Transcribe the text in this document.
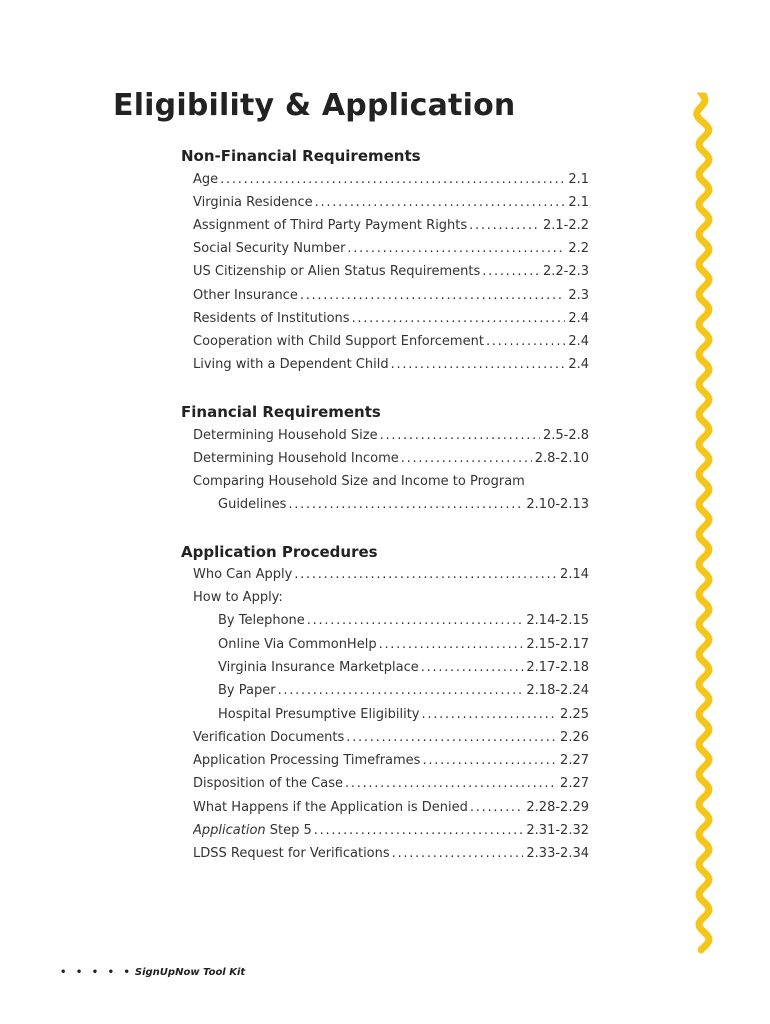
Eligibility & Application
Non-Financial Requirements
Age . . .	2.1
Virginia Residence . . .	2.1
Assignment of Third Party Payment Rights . . .	2.1-2.2
Social Security Number . . .	2.2
US Citizenship or Alien Status Requirements . . .	2.2-2.3
Other Insurance . . .	2.3
Residents of Institutions . . .	2.4
Cooperation with Child Support Enforcement . . .	2.4
Living with a Dependent Child . . .	2.4
Financial Requirements
Determining Household Size . . .	2.5-2.8
Determining Household Income . . .	2.8-2.10
Comparing Household Size and Income to Program
Guidelines . . .	2.10-2.13
Application Procedures
Who Can Apply . . .	2.14
How to Apply:
By Telephone . . .	2.14-2.15
Online Via CommonHelp . . .	2.15-2.17
Virginia Insurance Marketplace . . .	2.17-2.18
By Paper . . .	2.18-2.24
Hospital Presumptive Eligibility . . .	2.25
Verification Documents . . .	2.26
Application Processing Timeframes . . .	2.27
Disposition of the Case . . .	2.27
What Happens if the Application is Denied . . .	2.28-2.29
Application Step 5 . . .	2.31-2.32
LDSS Request for Verifications . . .	2.33-2.34
• • • • • SignUpNow Tool Kit
